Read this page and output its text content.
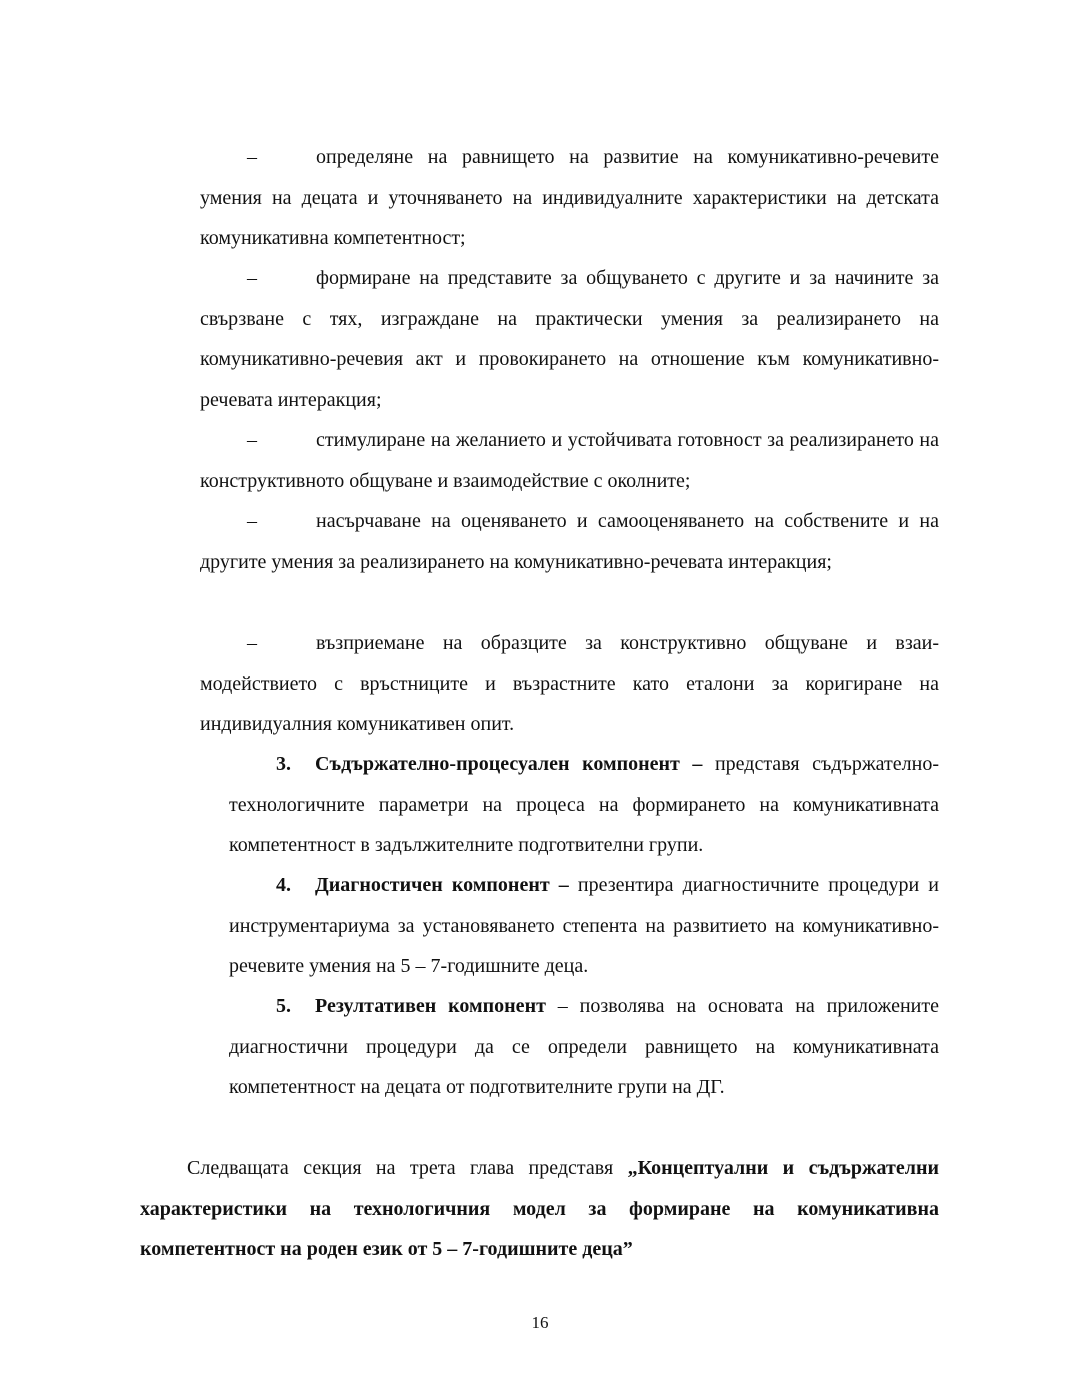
–	определяне на равнището на развитие на комуникативно-речевите умения на децата и уточняването на индивидуалните характеристики на детската комуникативна компетентност;

–	формиране на представите за общуването с другите и за начините за свързване с тях, изграждане на практически умения за реализирането на комуникативно-речевия акт и провокирането на отношение към комуникативно-речевата интеракция;

–	стимулиране на желанието и устойчивата готовност за реализирането на конструктивното общуване и взаимодействие с околните;

–	насърчаване на оценяването и самооценяването на собствените и на другите умения за реализирането на комуникативно-речевата интеракция;

–	възприемане на образците за конструктивно общуване и взаимодействието с връстниците и възрастните като еталони за коригиране на индивидуалния комуникативен опит.

3. Съдържателно-процесуален компонент – представя съдържателно-технологичните параметри на процеса на формирането на комуникативната компетентност в задължителните подготвителни групи.

4. Диагностичен компонент – презентира диагностичните процедури и инструментариума за установяването степента на развитието на комуникативно-речевите умения на 5 – 7-годишните деца.

5. Резултативен компонент – позволява на основата на приложените диагностични процедури да се определи равнището на комуникативната компетентност на децата от подготвителните групи на ДГ.

Следващата секция на трета глава представя „Концептуални и съдържателни характеристики на технологичния модел за формиране на комуникативна компетентност на роден език от 5 – 7-годишните деца”

16
